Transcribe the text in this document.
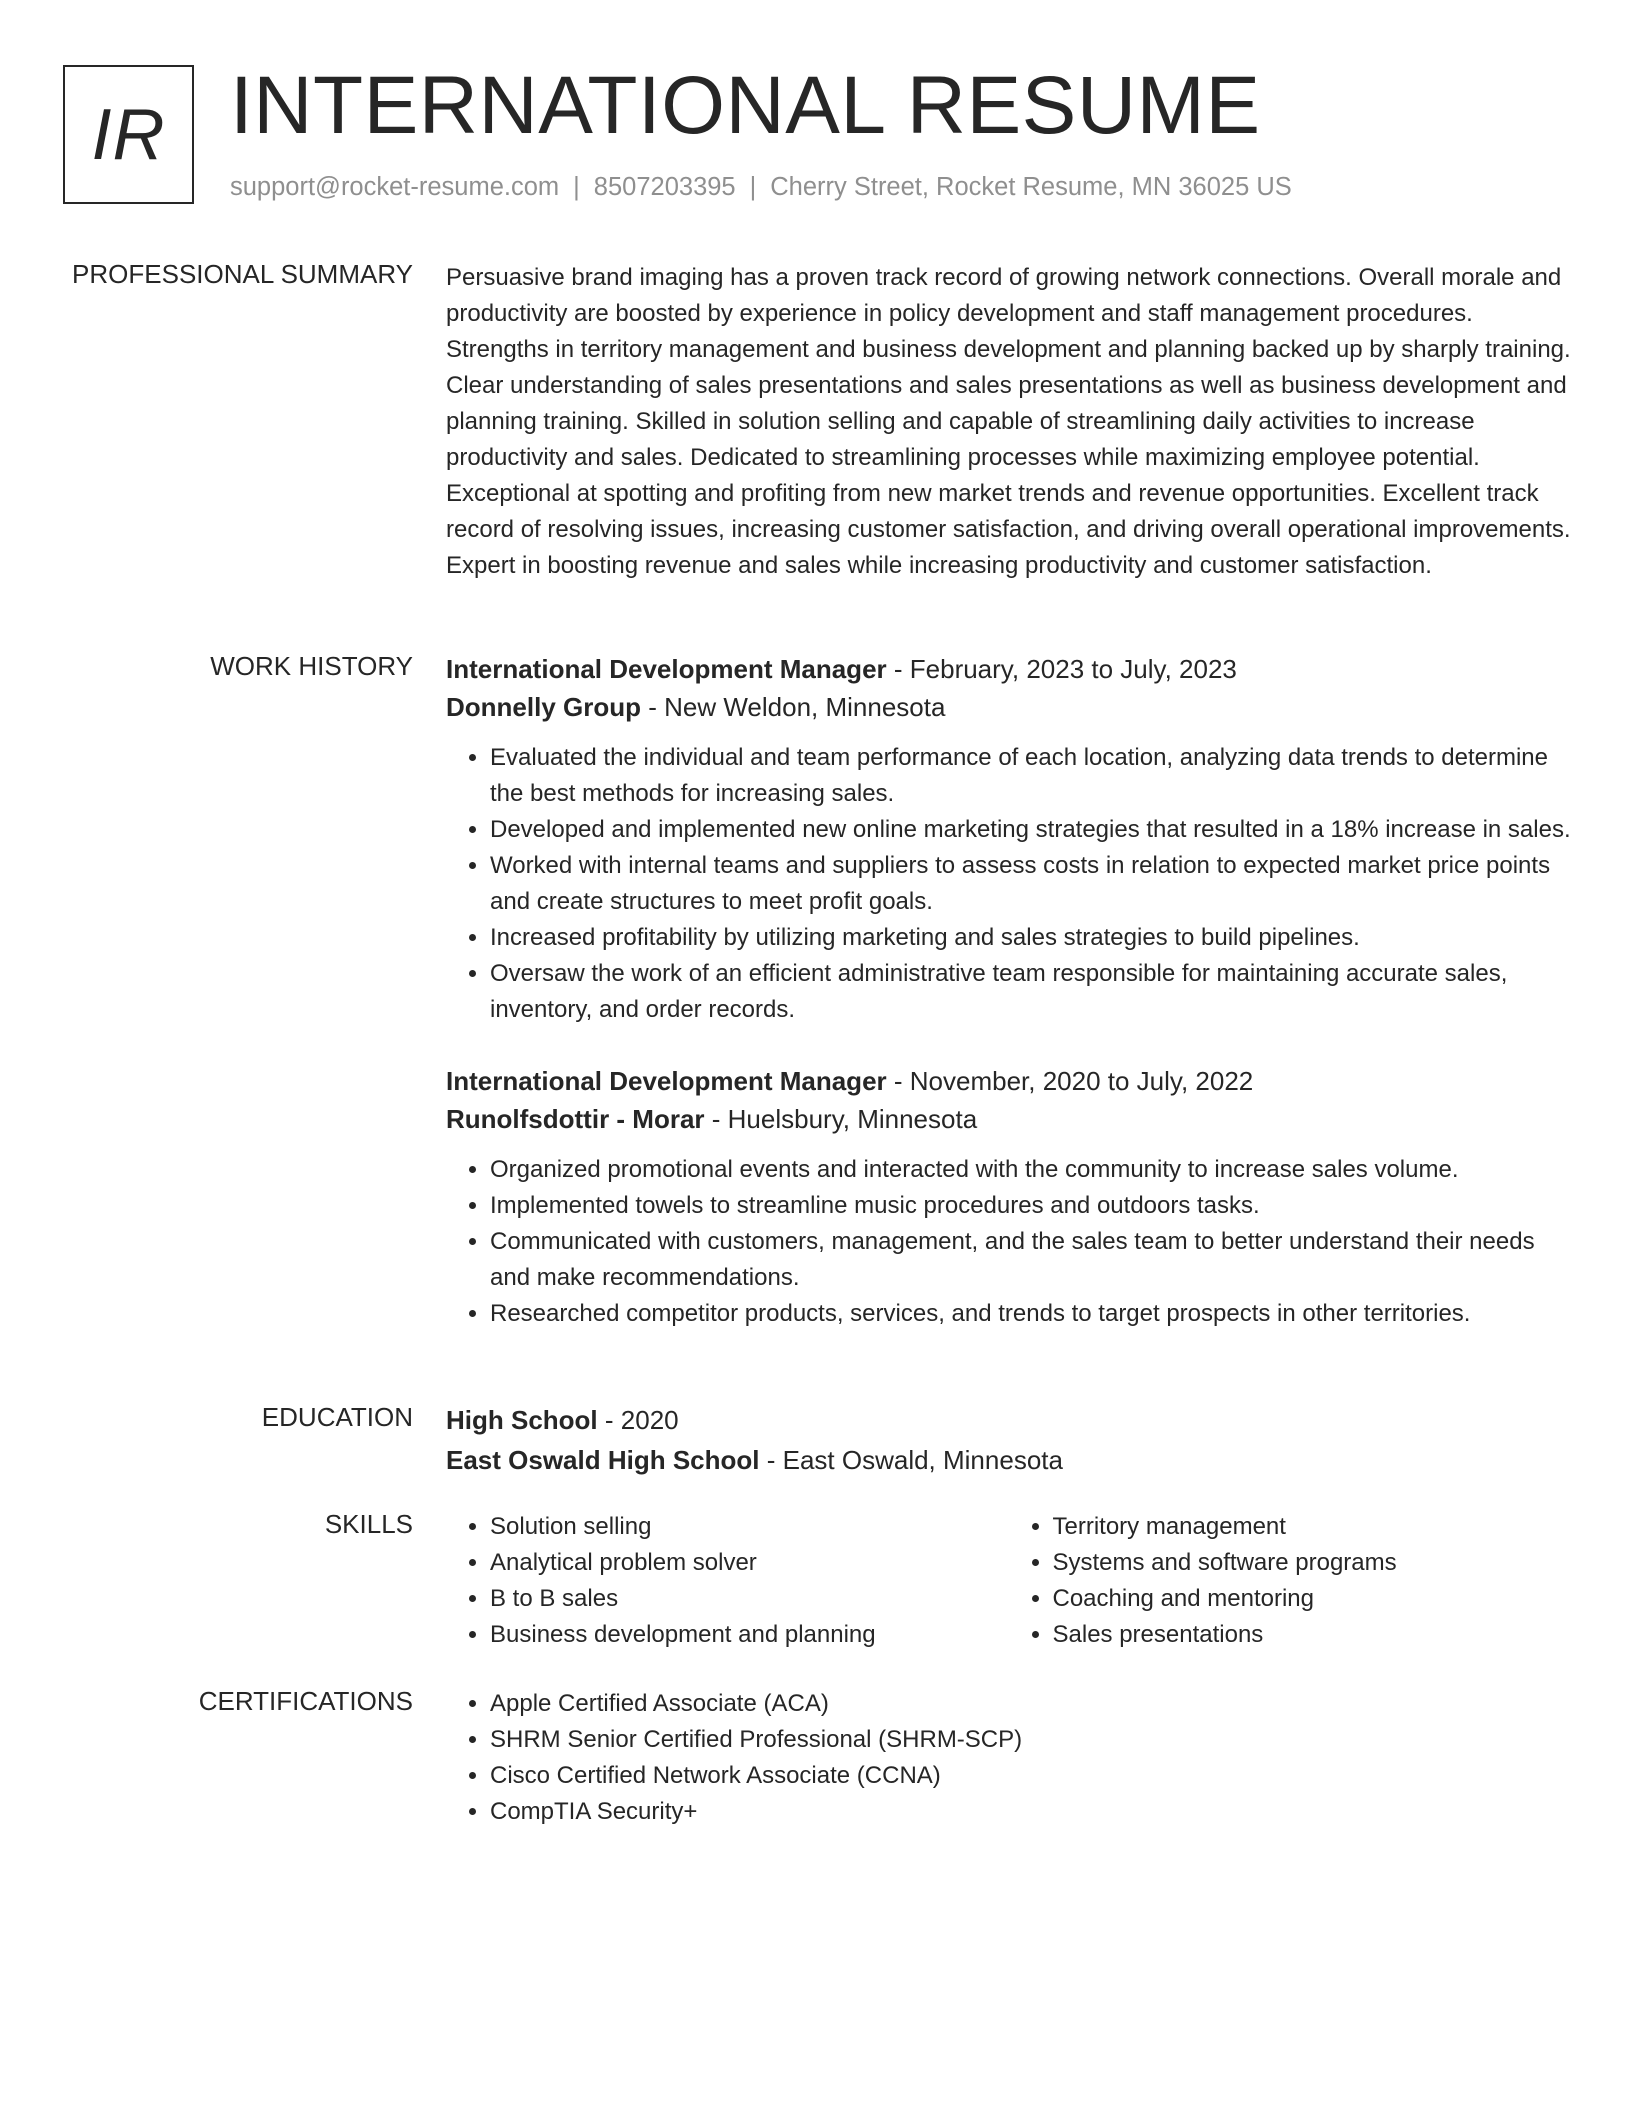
IR INTERNATIONAL RESUME
support@rocket-resume.com | 8507203395 | Cherry Street, Rocket Resume, MN 36025 US
PROFESSIONAL SUMMARY Persuasive brand imaging has a proven track record of growing network connections. Overall morale and productivity are boosted by experience in policy development and staff management procedures. Strengths in territory management and business development and planning backed up by sharply training. Clear understanding of sales presentations and sales presentations as well as business development and planning training. Skilled in solution selling and capable of streamlining daily activities to increase productivity and sales. Dedicated to streamlining processes while maximizing employee potential. Exceptional at spotting and profiting from new market trends and revenue opportunities. Excellent track record of resolving issues, increasing customer satisfaction, and driving overall operational improvements. Expert in boosting revenue and sales while increasing productivity and customer satisfaction.

WORK HISTORY International Development Manager - February, 2023 to July, 2023
Donnelly Group - New Weldon, Minnesota
• Evaluated the individual and team performance of each location, analyzing data trends to determine the best methods for increasing sales.
• Developed and implemented new online marketing strategies that resulted in a 18% increase in sales.
• Worked with internal teams and suppliers to assess costs in relation to expected market price points and create structures to meet profit goals.
• Increased profitability by utilizing marketing and sales strategies to build pipelines.
• Oversaw the work of an efficient administrative team responsible for maintaining accurate sales, inventory, and order records.
International Development Manager - November, 2020 to July, 2022
Runolfsdottir - Morar - Huelsbury, Minnesota
• Organized promotional events and interacted with the community to increase sales volume.
• Implemented towels to streamline music procedures and outdoors tasks.
• Communicated with customers, management, and the sales team to better understand their needs and make recommendations.
• Researched competitor products, services, and trends to target prospects in other territories.
EDUCATION High School - 2020
East Oswald High School - East Oswald, Minnesota
SKILLS	• Solution selling
• Analytical problem solver
• B to B sales
• Business development and planning
• Territory management
• Systems and software programs
• Coaching and mentoring
• Sales presentations
CERTIFICATIONS	• Apple Certified Associate (ACA)
• SHRM Senior Certified Professional (SHRM-SCP)
• Cisco Certified Network Associate (CCNA)
• CompTIA Security+
